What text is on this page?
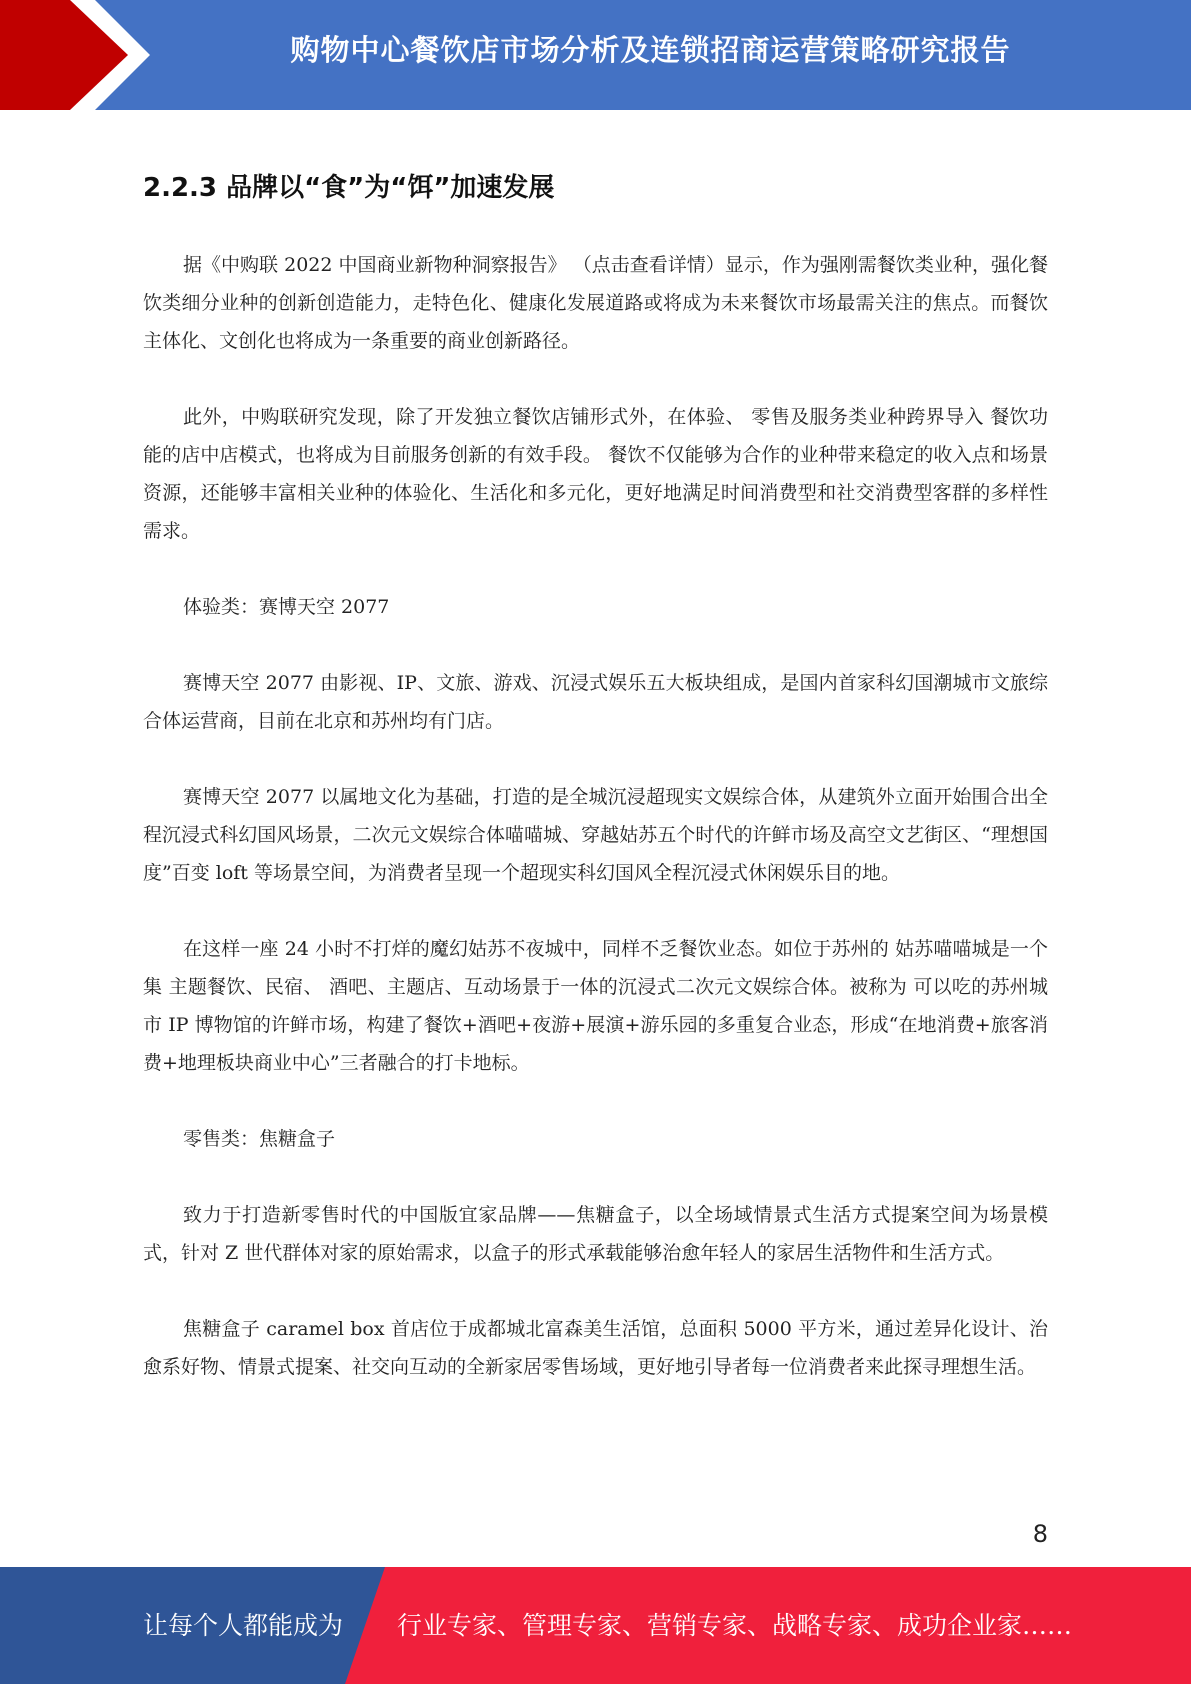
购物中心餐饮店市场分析及连锁招商运营策略研究报告
2.2.3 品牌以“食”为“饵”加速发展

据《中购联 2022 中国商业新物种洞察报告》 （点击查看详情）显示，作为强刚需餐饮类业种，强化餐饮类细分业种的创新创造能力，走特色化、健康化发展道路或将成为未来餐饮市场最需关注的焦点。而餐饮主体化、文创化也将成为一条重要的商业创新路径。

此外，中购联研究发现，除了开发独立餐饮店铺形式外，在体验、 零售及服务类业种跨界导入 餐饮功能的店中店模式，也将成为目前服务创新的有效手段。 餐饮不仅能够为合作的业种带来稳定的收入点和场景资源，还能够丰富相关业种的体验化、生活化和多元化，更好地满足时间消费型和社交消费型客群的多样性需求。

体验类：赛博天空 2077

赛博天空 2077 由影视、IP、文旅、游戏、沉浸式娱乐五大板块组成，是国内首家科幻国潮城市文旅综合体运营商，目前在北京和苏州均有门店。

赛博天空 2077 以属地文化为基础，打造的是全城沉浸超现实文娱综合体，从建筑外立面开始围合出全程沉浸式科幻国风场景，二次元文娱综合体喵喵城、穿越姑苏五个时代的许鲜市场及高空文艺街区、“理想国度”百变 loft 等场景空间，为消费者呈现一个超现实科幻国风全程沉浸式休闲娱乐目的地。

在这样一座 24 小时不打烊的魔幻姑苏不夜城中，同样不乏餐饮业态。如位于苏州的 姑苏喵喵城是一个集 主题餐饮、民宿、 酒吧、主题店、互动场景于一体的沉浸式二次元文娱综合体。被称为 可以吃的苏州城市 IP 博物馆的许鲜市场，构建了餐饮+酒吧+夜游+展演+游乐园的多重复合业态，形成“在地消费+旅客消费+地理板块商业中心”三者融合的打卡地标。

零售类：焦糖盒子

致力于打造新零售时代的中国版宜家品牌——焦糖盒子，以全场域情景式生活方式提案空间为场景模式，针对 Z 世代群体对家的原始需求，以盒子的形式承载能够治愈年轻人的家居生活物件和生活方式。

焦糖盒子 caramel box 首店位于成都城北富森美生活馆，总面积 5000 平方米，通过差异化设计、治愈系好物、情景式提案、社交向互动的全新家居零售场域，更好地引导者每一位消费者来此探寻理想生活。

8
让每个人都能成为 行业专家、管理专家、营销专家、战略专家、成功企业家……
